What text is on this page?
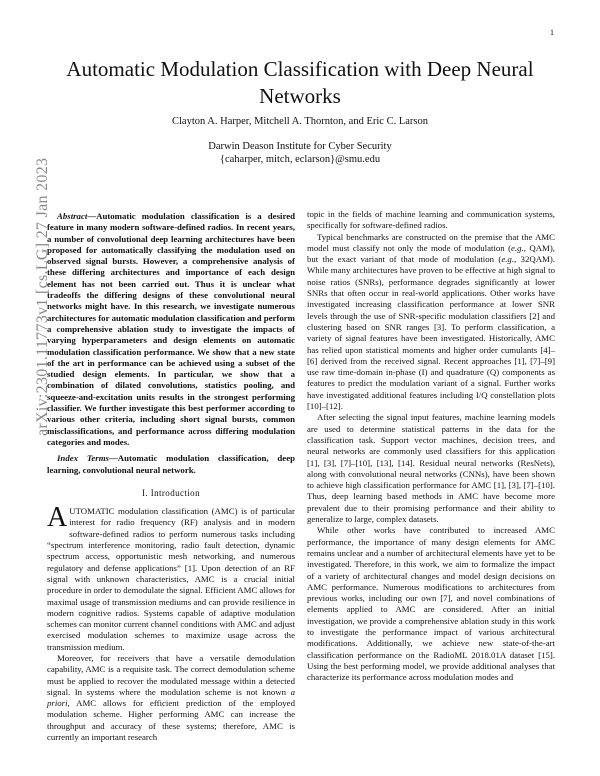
1
arXiv:2301.11773v1 [cs.LG] 27 Jan 2023
Automatic Modulation Classification with Deep Neural Networks
Clayton A. Harper, Mitchell A. Thornton, and Eric C. Larson
Darwin Deason Institute for Cyber Security
{caharper, mitch, eclarson}@smu.edu

Abstract—Automatic modulation classification is a desired feature in many modern software-defined radios. In recent years, a number of convolutional deep learning architectures have been proposed for automatically classifying the modulation used on observed signal bursts. However, a comprehensive analysis of these differing architectures and importance of each design element has not been carried out. Thus it is unclear what tradeoffs the differing designs of these convolutional neural networks might have. In this research, we investigate numerous architectures for automatic modulation classification and perform a comprehensive ablation study to investigate the impacts of varying hyperparameters and design elements on automatic modulation classification performance. We show that a new state of the art in performance can be achieved using a subset of the studied design elements. In particular, we show that a combination of dilated convolutions, statistics pooling, and squeeze-and-excitation units results in the strongest performing classifier. We further investigate this best performer according to various other criteria, including short signal bursts, common misclassifications, and performance across differing modulation categories and modes.

Index Terms—Automatic modulation classification, deep learning, convolutional neural network.

I. Introduction

AUTOMATIC modulation classification (AMC) is of particular interest for radio frequency (RF) analysis and in modern software-defined radios to perform numerous tasks including “spectrum interference monitoring, radio fault detection, dynamic spectrum access, opportunistic mesh networking, and numerous regulatory and defense applications” [1]. Upon detection of an RF signal with unknown characteristics, AMC is a crucial initial procedure in order to demodulate the signal. Efficient AMC allows for maximal usage of transmission mediums and can provide resilience in modern cognitive radios. Systems capable of adaptive modulation schemes can monitor current channel conditions with AMC and adjust exercised modulation schemes to maximize usage across the transmission medium.

Moreover, for receivers that have a versatile demodulation capability, AMC is a requisite task. The correct demodulation scheme must be applied to recover the modulated message within a detected signal. In systems where the modulation scheme is not known a priori, AMC allows for efficient prediction of the employed modulation scheme. Higher performing AMC can increase the throughput and accuracy of these systems; therefore, AMC is currently an important research

topic in the fields of machine learning and communication systems, specifically for software-defined radios.

Typical benchmarks are constructed on the premise that the AMC model must classify not only the mode of modulation (e.g., QAM), but the exact variant of that mode of modulation (e.g., 32QAM). While many architectures have proven to be effective at high signal to noise ratios (SNRs), performance degrades significantly at lower SNRs that often occur in real-world applications. Other works have investigated increasing classification performance at lower SNR levels through the use of SNR-specific modulation classifiers [2] and clustering based on SNR ranges [3]. To perform classification, a variety of signal features have been investigated. Historically, AMC has relied upon statistical moments and higher order cumulants [4]–[6] derived from the received signal. Recent approaches [1], [7]–[9] use raw time-domain in-phase (I) and quadrature (Q) components as features to predict the modulation variant of a signal. Further works have investigated additional features including I/Q constellation plots [10]–[12].

After selecting the signal input features, machine learning models are used to determine statistical patterns in the data for the classification task. Support vector machines, decision trees, and neural networks are commonly used classifiers for this application [1], [3], [7]–[10], [13], [14]. Residual neural networks (ResNets), along with convolutional neural networks (CNNs), have been shown to achieve high classification performance for AMC [1], [3], [7]–[10]. Thus, deep learning based methods in AMC have become more prevalent due to their promising performance and their ability to generalize to large, complex datasets.

While other works have contributed to increased AMC performance, the importance of many design elements for AMC remains unclear and a number of architectural elements have yet to be investigated. Therefore, in this work, we aim to formalize the impact of a variety of architectural changes and model design decisions on AMC performance. Numerous modifications to architectures from previous works, including our own [7], and novel combinations of elements applied to AMC are considered. After an initial investigation, we provide a comprehensive ablation study in this work to investigate the performance impact of various architectural modifications. Additionally, we achieve new state-of-the-art classification performance on the RadioML 2018.01A dataset [15]. Using the best performing model, we provide additional analyses that characterize its performance across modulation modes and
